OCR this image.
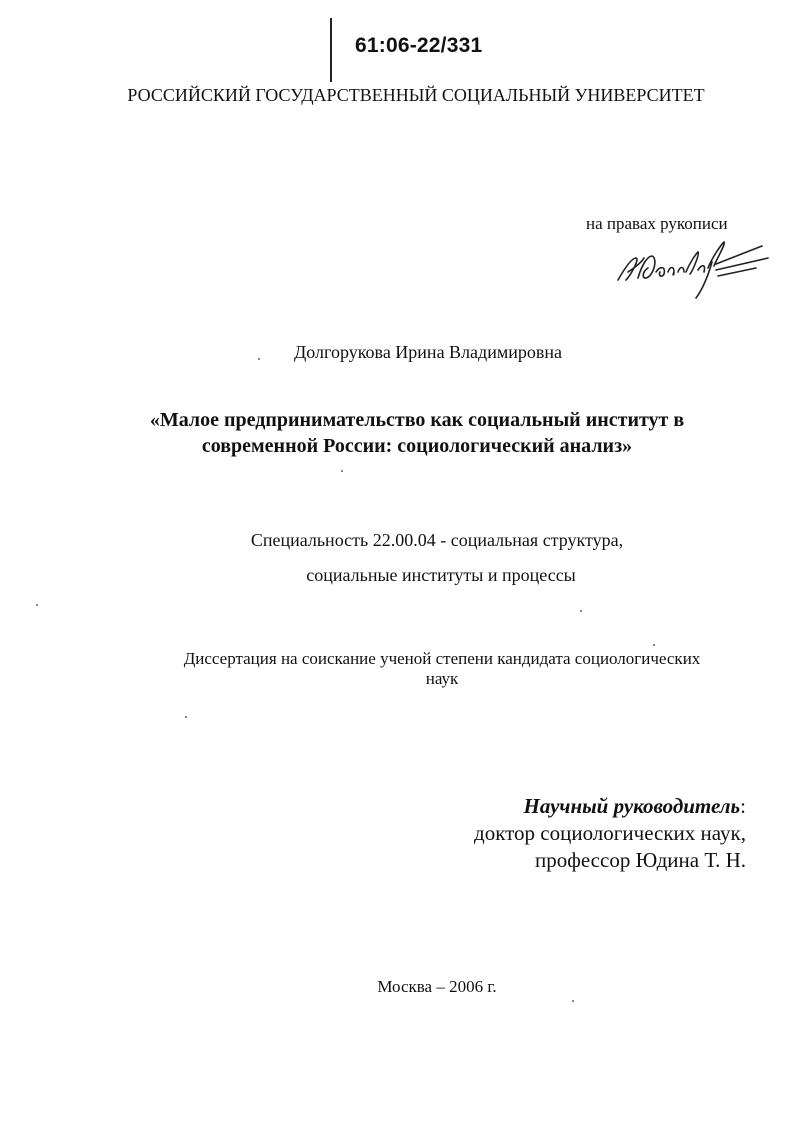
61:06-22/331
РОССИЙСКИЙ ГОСУДАРСТВЕННЫЙ СОЦИАЛЬНЫЙ УНИВЕРСИТЕТ
на правах рукописи
Долгорукова Ирина Владимировна
«Малое предпринимательство как социальный институт в
современной России: социологический анализ»
Специальность 22.00.04 - социальная структура,
социальные институты и процессы
Диссертация на соискание ученой степени кандидата социологических
наук
Научный руководитель:
доктор социологических наук,
профессор Юдина Т. Н.
Москва – 2006 г.
